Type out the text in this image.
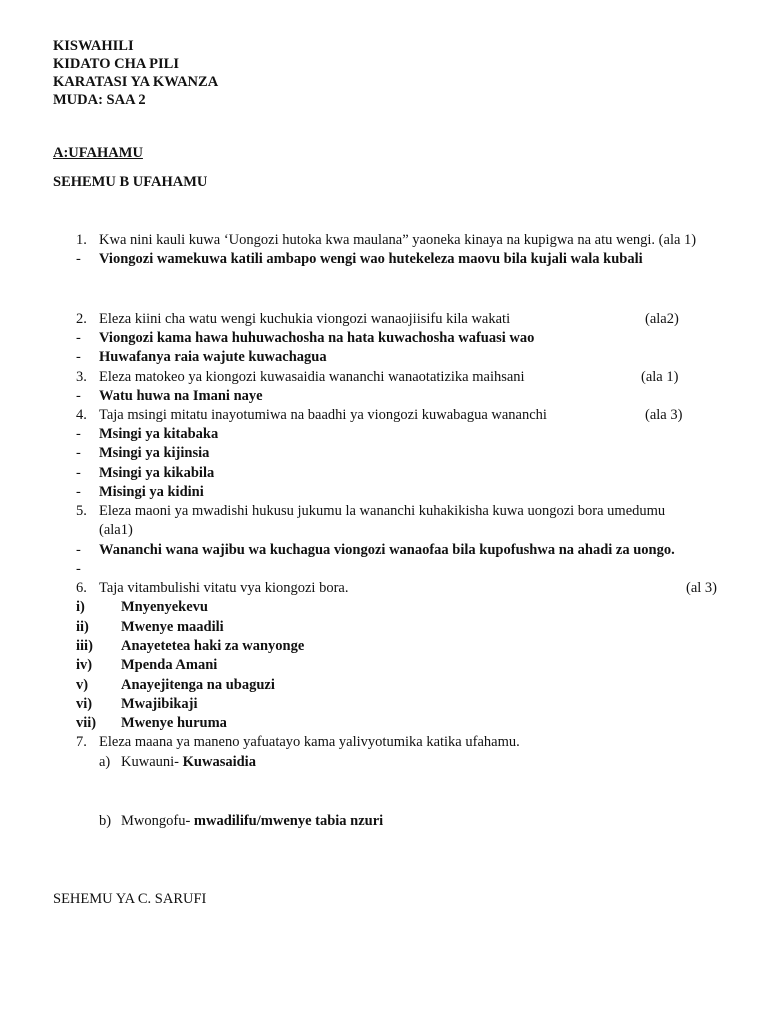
KISWAHILI
KIDATO CHA PILI
KARATASI YA KWANZA
MUDA: SAA 2
A:UFAHAMU
SEHEMU B UFAHAMU
1. Kwa nini kauli kuwa ‘Uongozi hutoka kwa maulana” yaoneka kinaya na kupigwa na atu wengi. (ala 1)
- Viongozi wamekuwa katili ambapo wengi wao hutekeleza maovu bila kujali wala kubali
2. Eleza kiini cha watu wengi kuchukia viongozi wanaojiisifu kila wakati	(ala2)
- Viongozi kama hawa huhuwachosha na hata kuwachosha wafuasi wao
- Huwafanya raia wajute kuwachagua
3. Eleza matokeo ya kiongozi kuwasaidia wananchi wanaotatizika maihsani	(ala 1)
- Watu huwa na Imani naye
4. Taja msingi mitatu inayotumiwa na baadhi ya viongozi kuwabagua wananchi	(ala 3)
- Msingi ya kitabaka
- Msingi ya kijinsia
- Msingi ya kikabila
- Misingi ya kidini
5. Eleza maoni ya mwadishi hukusu jukumu la wananchi kuhakikisha kuwa uongozi bora umedumu
(ala1)
- Wananchi wana wajibu wa kuchagua viongozi wanaofaa bila kupofushwa na ahadi za uongo.
-
6. Taja vitambulishi vitatu vya kiongozi bora.	(al 3)
i) Mnyenyekevu
ii) Mwenye maadili
iii) Anayetetea haki za wanyonge
iv) Mpenda Amani
v) Anayejitenga na ubaguzi
vi) Mwajibikaji
vii) Mwenye huruma
7. Eleza maana ya maneno yafuatayo kama yalivyotumika katika ufahamu.
a) Kuwauni- Kuwasaidia
b) Mwongofu- mwadilifu/mwenye tabia nzuri
SEHEMU YA C. SARUFI
